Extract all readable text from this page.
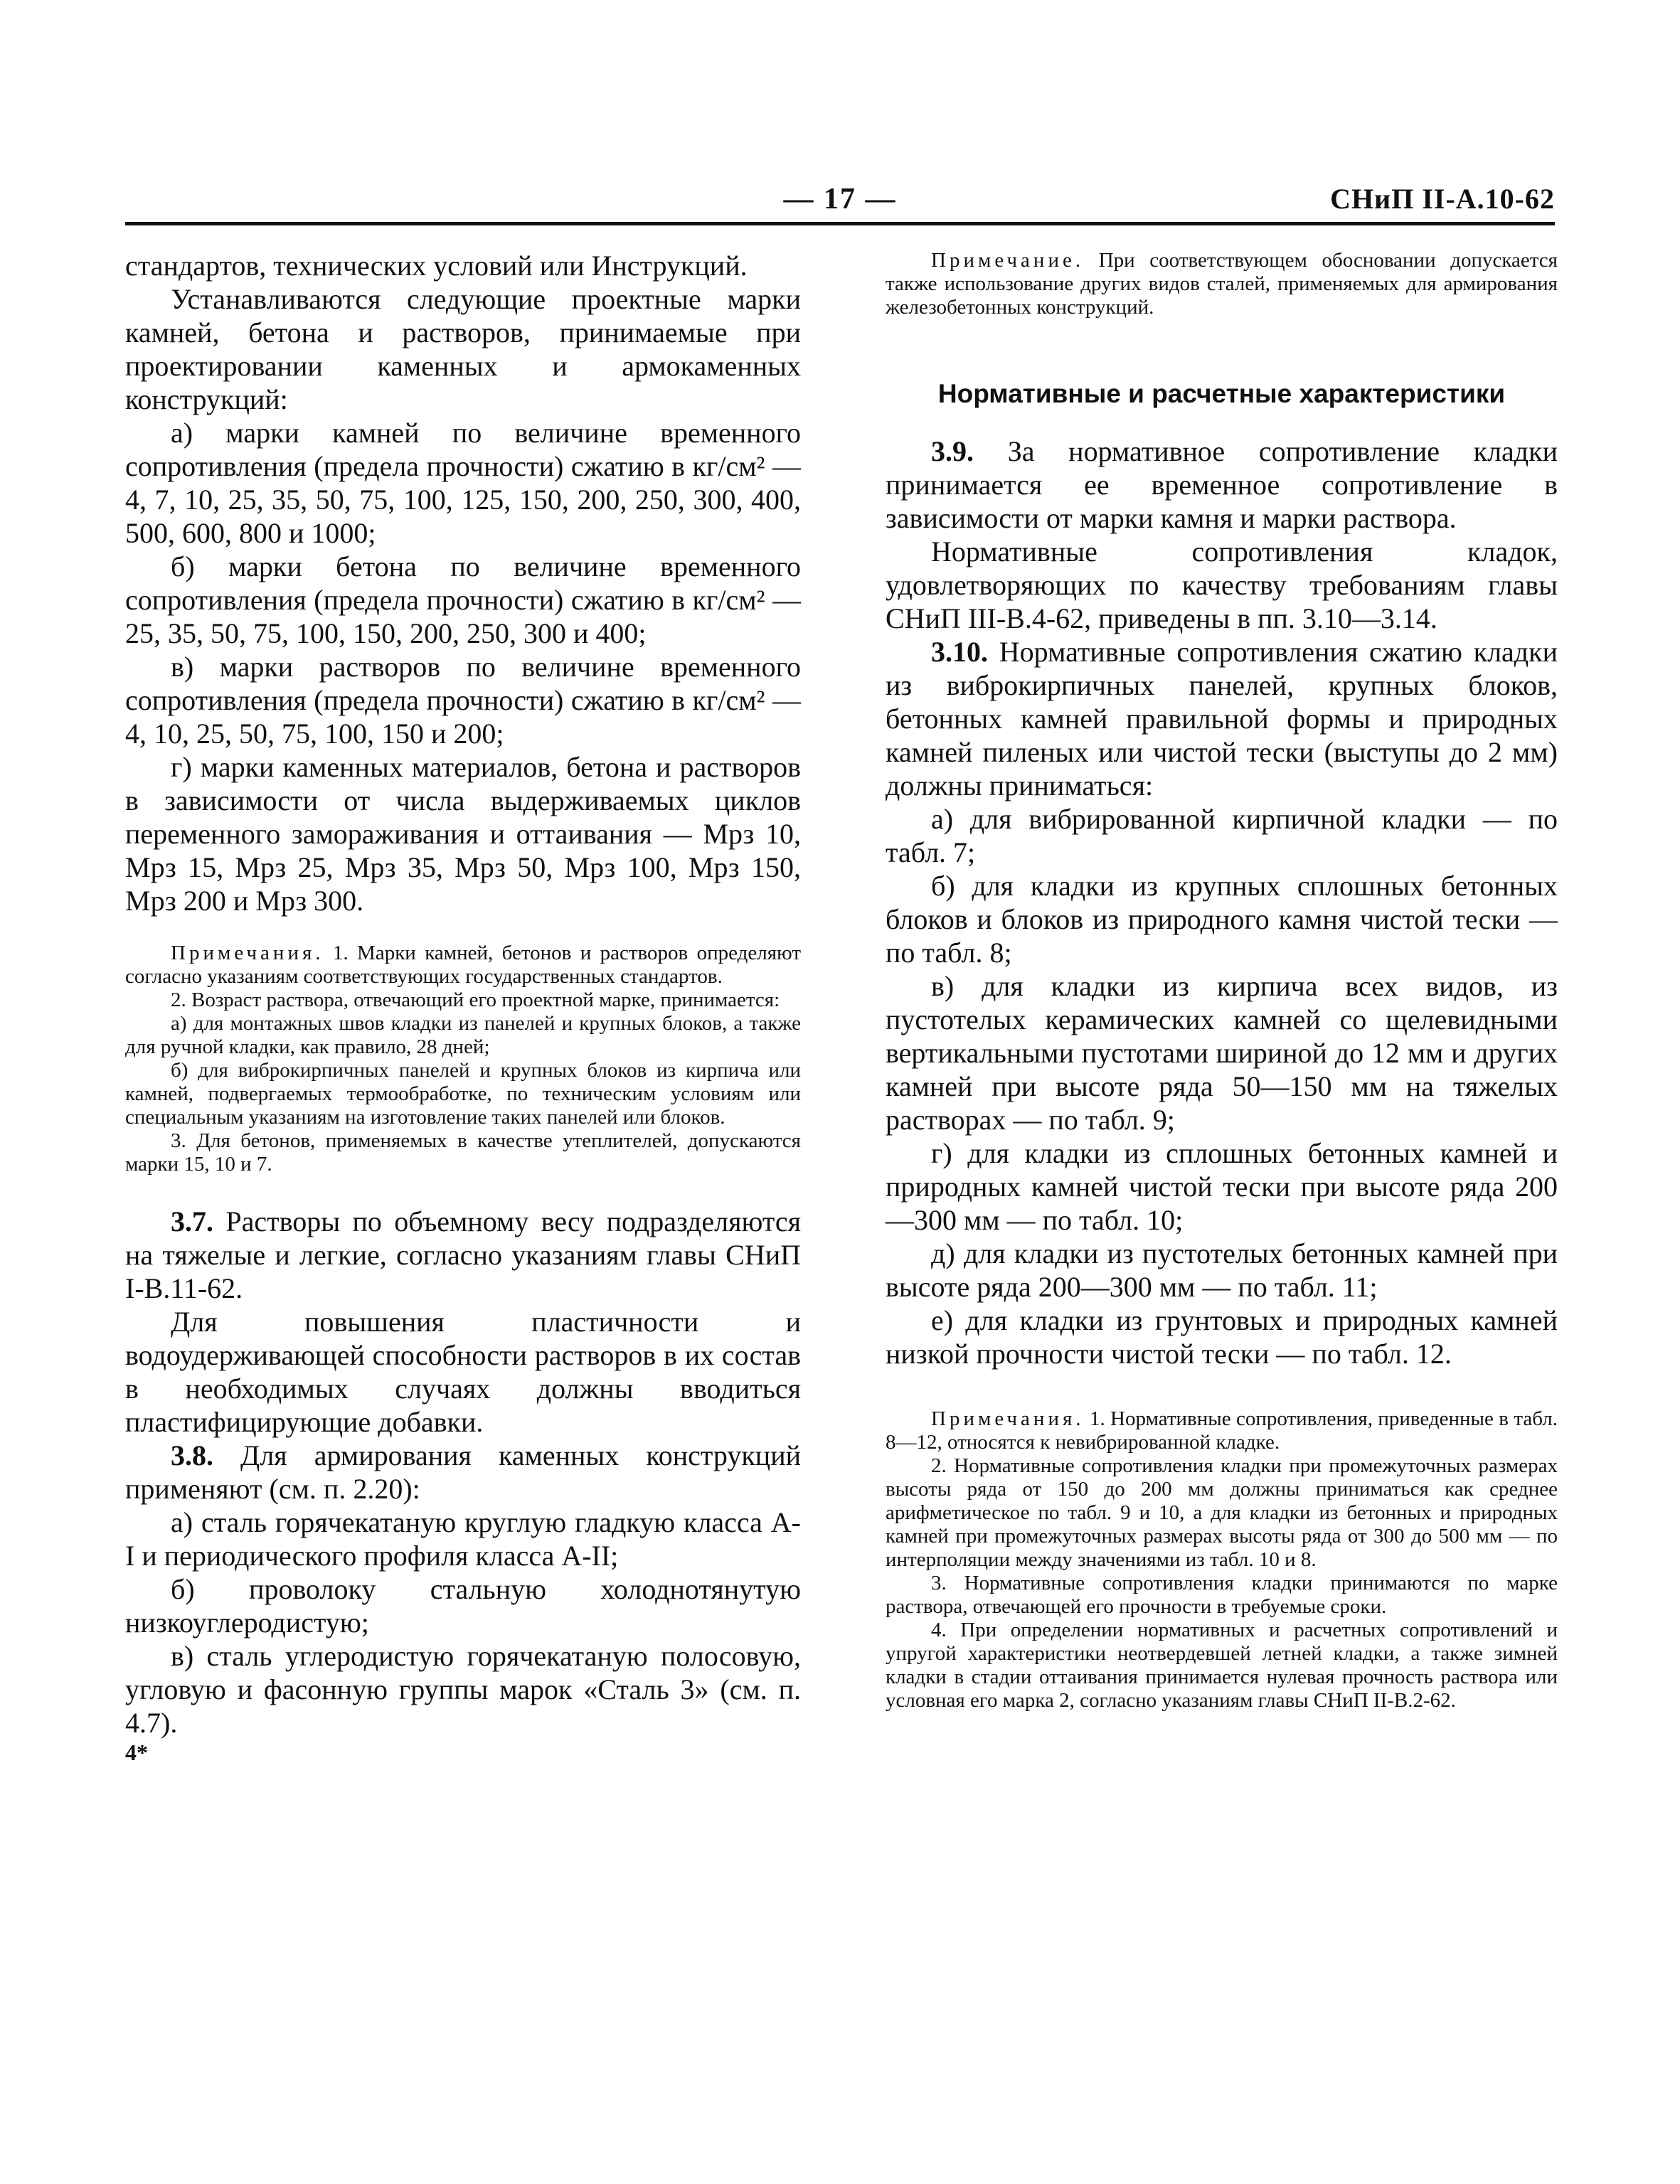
— 17 —	СНиП II-А.10-62

стандартов, технических условий или Инструкций.

Устанавливаются следующие проектные марки камней, бетона и растворов, принимаемые при проектировании каменных и армокаменных конструкций:

а) марки камней по величине временного сопротивления (предела прочности) сжатию в кг/см² — 4, 7, 10, 25, 35, 50, 75, 100, 125, 150, 200, 250, 300, 400, 500, 600, 800 и 1000;

б) марки бетона по величине временного сопротивления (предела прочности) сжатию в кг/см² — 25, 35, 50, 75, 100, 150, 200, 250, 300 и 400;

в) марки растворов по величине временного сопротивления (предела прочности) сжатию в кг/см² — 4, 10, 25, 50, 75, 100, 150 и 200;

г) марки каменных материалов, бетона и растворов в зависимости от числа выдерживаемых циклов переменного замораживания и оттаивания — Мрз 10, Мрз 15, Мрз 25, Мрз 35, Мрз 50, Мрз 100, Мрз 150, Мрз 200 и Мрз 300.

Примечания. 1. Марки камней, бетонов и растворов определяют согласно указаниям соответствующих государственных стандартов.

2. Возраст раствора, отвечающий его проектной марке, принимается:

а) для монтажных швов кладки из панелей и крупных блоков, а также для ручной кладки, как правило, 28 дней;

б) для виброкирпичных панелей и крупных блоков из кирпича или камней, подвергаемых термообработке, по техническим условиям или специальным указаниям на изготовление таких панелей или блоков.

3. Для бетонов, применяемых в качестве утеплителей, допускаются марки 15, 10 и 7.

3.7. Растворы по объемному весу подразделяются на тяжелые и легкие, согласно указаниям главы СНиП I-В.11-62.

Для повышения пластичности и водоудерживающей способности растворов в их состав в необходимых случаях должны вводиться пластифицирующие добавки.

3.8. Для армирования каменных конструкций применяют (см. п. 2.20):

а) сталь горячекатаную круглую гладкую класса А-I и периодического профиля класса А-II;

б) проволоку стальную холоднотянутую низкоуглеродистую;

в) сталь углеродистую горячекатаную полосовую, угловую и фасонную группы марок «Сталь 3» (см. п. 4.7).

4*

Примечание. При соответствующем обосновании допускается также использование других видов сталей, применяемых для армирования железобетонных конструкций.

Нормативные и расчетные характеристики

3.9. За нормативное сопротивление кладки принимается ее временное сопротивление в зависимости от марки камня и марки раствора.

Нормативные сопротивления кладок, удовлетворяющих по качеству требованиям главы СНиП III-В.4-62, приведены в пп. 3.10—3.14.

3.10. Нормативные сопротивления сжатию кладки из виброкирпичных панелей, крупных блоков, бетонных камней правильной формы и природных камней пиленых или чистой тески (выступы до 2 мм) должны приниматься:

а) для вибрированной кирпичной кладки — по табл. 7;

б) для кладки из крупных сплошных бетонных блоков и блоков из природного камня чистой тески — по табл. 8;

в) для кладки из кирпича всех видов, из пустотелых керамических камней со щелевидными вертикальными пустотами шириной до 12 мм и других камней при высоте ряда 50—150 мм на тяжелых растворах — по табл. 9;

г) для кладки из сплошных бетонных камней и природных камней чистой тески при высоте ряда 200—300 мм — по табл. 10;

д) для кладки из пустотелых бетонных камней при высоте ряда 200—300 мм — по табл. 11;

е) для кладки из грунтовых и природных камней низкой прочности чистой тески — по табл. 12.

Примечания. 1. Нормативные сопротивления, приведенные в табл. 8—12, относятся к невибрированной кладке.

2. Нормативные сопротивления кладки при промежуточных размерах высоты ряда от 150 до 200 мм должны приниматься как среднее арифметическое по табл. 9 и 10, а для кладки из бетонных и природных камней при промежуточных размерах высоты ряда от 300 до 500 мм — по интерполяции между значениями из табл. 10 и 8.

3. Нормативные сопротивления кладки принимаются по марке раствора, отвечающей его прочности в требуемые сроки.

4. При определении нормативных и расчетных сопротивлений и упругой характеристики неотвердевшей летней кладки, а также зимней кладки в стадии оттаивания принимается нулевая прочность раствора или условная его марка 2, согласно указаниям главы СНиП II-В.2-62.
